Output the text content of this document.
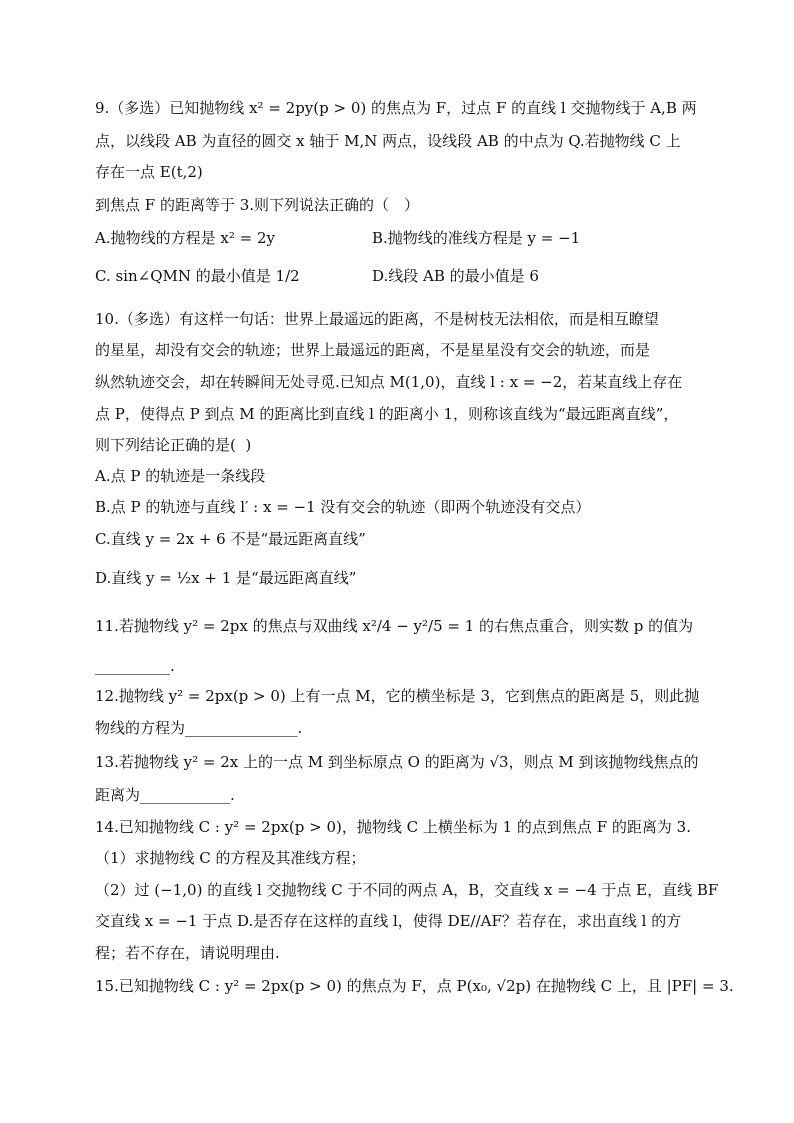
9.（多选）已知抛物线 x² = 2py(p > 0) 的焦点为 F，过点 F 的直线 l 交抛物线于 A,B 两
点，以线段 AB 为直径的圆交 x 轴于 M,N 两点，设线段 AB 的中点为 Q.若抛物线 C 上
存在一点 E(t,2)
到焦点 F 的距离等于 3.则下列说法正确的（　）
A.抛物线的方程是 x² = 2y	B.抛物线的准线方程是 y = −1
C. sin∠QMN 的最小值是 1/2	D.线段 AB 的最小值是 6
10.（多选）有这样一句话：世界上最遥远的距离，不是树枝无法相依，而是相互瞭望
的星星，却没有交会的轨迹；世界上最遥远的距离，不是星星没有交会的轨迹，而是
纵然轨迹交会，却在转瞬间无处寻觅.已知点 M(1,0)，直线 l : x = −2，若某直线上存在
点 P，使得点 P 到点 M 的距离比到直线 l 的距离小 1，则称该直线为“最远距离直线”，
则下列结论正确的是(  )
A.点 P 的轨迹是一条线段
B.点 P 的轨迹与直线 l′ : x = −1 没有交会的轨迹（即两个轨迹没有交点）
C.直线 y = 2x + 6 不是“最远距离直线”
D.直线 y = ½x + 1 是“最远距离直线”
11.若抛物线 y² = 2px 的焦点与双曲线 x²/4 − y²/5 = 1 的右焦点重合，则实数 p 的值为
__________.
12.抛物线 y² = 2px(p > 0) 上有一点 M，它的横坐标是 3，它到焦点的距离是 5，则此抛
物线的方程为_______________.
13.若抛物线 y² = 2x 上的一点 M 到坐标原点 O 的距离为 √3，则点 M 到该抛物线焦点的
距离为____________.
14.已知抛物线 C : y² = 2px(p > 0)，抛物线 C 上横坐标为 1 的点到焦点 F 的距离为 3.
（1）求抛物线 C 的方程及其准线方程；
（2）过 (−1,0) 的直线 l 交抛物线 C 于不同的两点 A，B，交直线 x = −4 于点 E，直线 BF
交直线 x = −1 于点 D.是否存在这样的直线 l，使得 DE//AF？若存在，求出直线 l 的方
程；若不存在，请说明理由.
15.已知抛物线 C : y² = 2px(p > 0) 的焦点为 F，点 P(x₀, √2p) 在抛物线 C 上，且 |PF| = 3.
